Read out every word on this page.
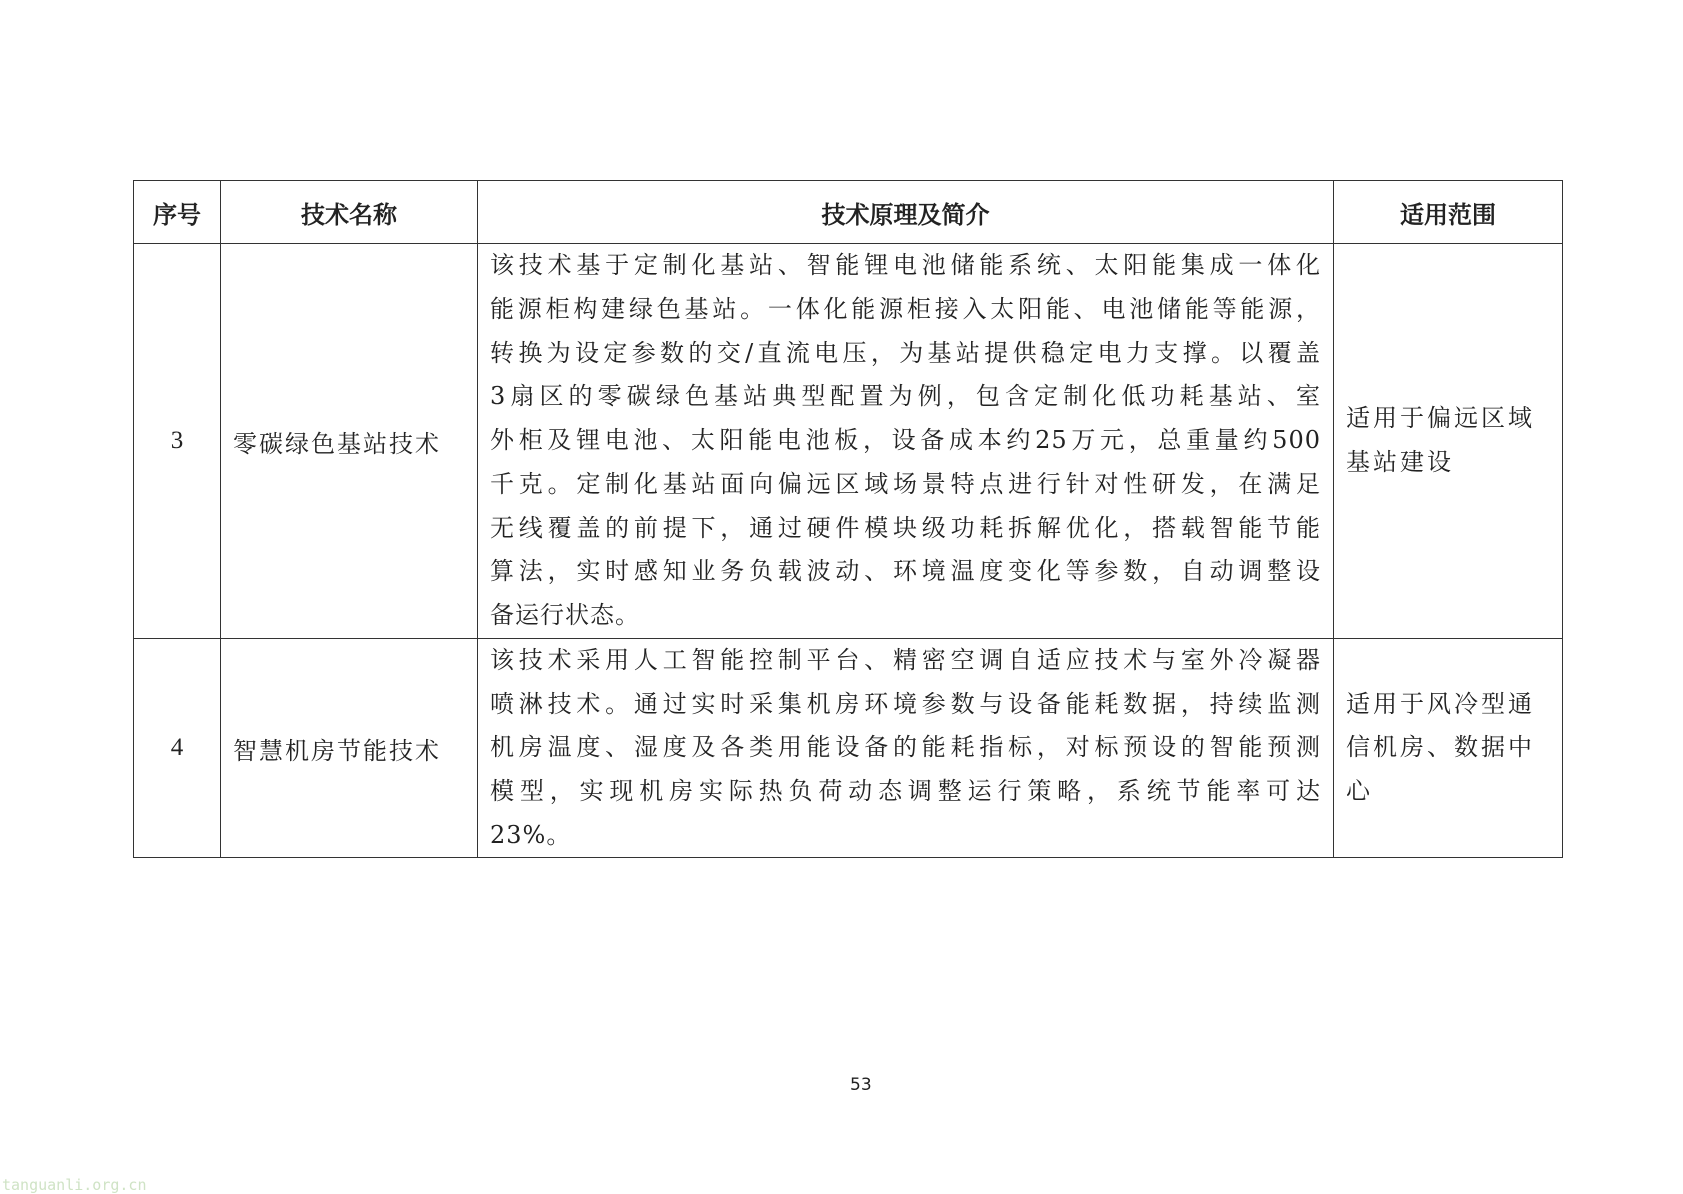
序号	技术名称	技术原理及简介	适用范围
3	零碳绿色基站技术	
该技术基于定制化基站、智能锂电池储能系统、太阳能集成一体化
能源柜构建绿色基站。一体化能源柜接入太阳能、电池储能等能源，
转换为设定参数的交/直流电压，为基站提供稳定电力支撑。以覆盖
3扇区的零碳绿色基站典型配置为例，包含定制化低功耗基站、室
外柜及锂电池、太阳能电池板，设备成本约25万元，总重量约500
千克。定制化基站面向偏远区域场景特点进行针对性研发，在满足
无线覆盖的前提下，通过硬件模块级功耗拆解优化，搭载智能节能
算法，实时感知业务负载波动、环境温度变化等参数，自动调整设
备运行状态。

适用于偏远区域
基站建设

4	智慧机房节能技术	
该技术采用人工智能控制平台、精密空调自适应技术与室外冷凝器
喷淋技术。通过实时采集机房环境参数与设备能耗数据，持续监测
机房温度、湿度及各类用能设备的能耗指标，对标预设的智能预测
模型，实现机房实际热负荷动态调整运行策略，系统节能率可达
23%。

适用于风冷型通
信机房、数据中
心
53
tanguanli.org.cn
